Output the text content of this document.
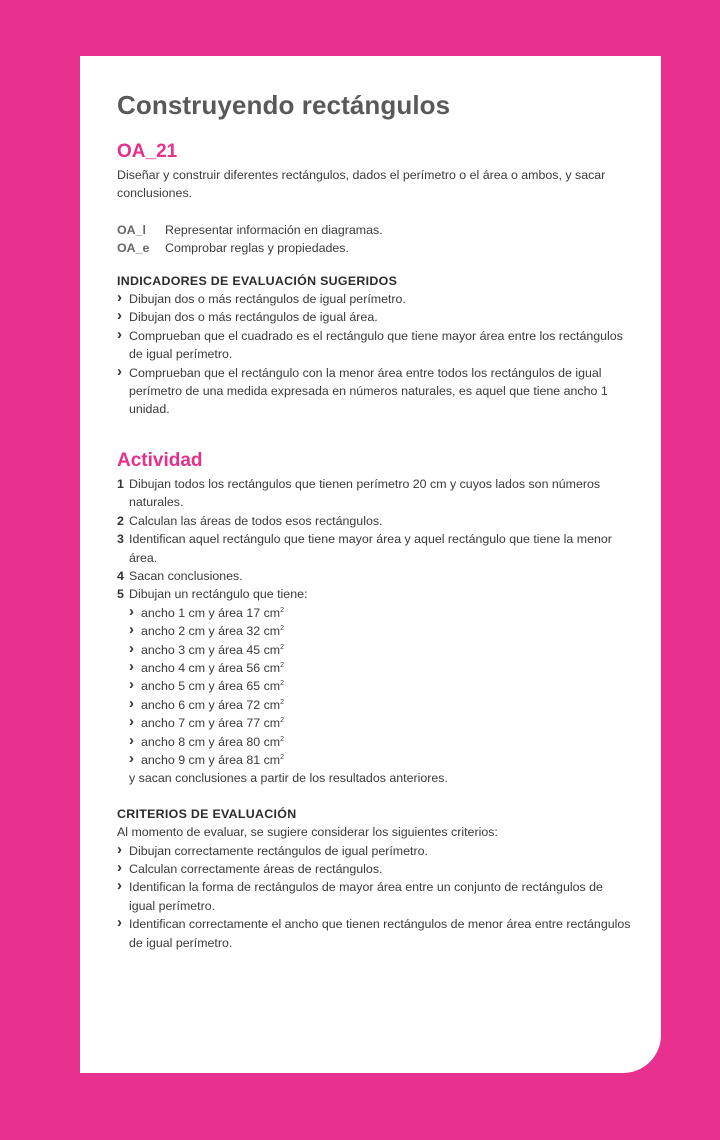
Construyendo rectángulos
OA_21
Diseñar y construir diferentes rectángulos, dados el perímetro o el área o ambos, y sacar conclusiones.
OA_l	Representar información en diagramas.
OA_e	Comprobar reglas y propiedades.
INDICADORES DE EVALUACIÓN SUGERIDOS
› Dibujan dos o más rectángulos de igual perímetro.
› Dibujan dos o más rectángulos de igual área.
› Comprueban que el cuadrado es el rectángulo que tiene mayor área entre los rectángulos de igual perímetro.
› Comprueban que el rectángulo con la menor área entre todos los rectángulos de igual perímetro de una medida expresada en números naturales, es aquel que tiene ancho 1 unidad.
Actividad
1 Dibujan todos los rectángulos que tienen perímetro 20 cm y cuyos lados son números naturales.
2 Calculan las áreas de todos esos rectángulos.
3 Identifican aquel rectángulo que tiene mayor área y aquel rectángulo que tiene la menor área.
4 Sacan conclusiones.
5 Dibujan un rectángulo que tiene:
› ancho 1 cm y área 17 $cm^2$
› ancho 2 cm y área 32 $cm^2$
› ancho 3 cm y área 45 $cm^2$
› ancho 4 cm y área 56 $cm^2$
› ancho 5 cm y área 65 $cm^2$
› ancho 6 cm y área 72 $cm^2$
› ancho 7 cm y área 77 $cm^2$
› ancho 8 cm y área 80 $cm^2$
› ancho 9 cm y área 81 $cm^2$
y sacan conclusiones a partir de los resultados anteriores.
CRITERIOS DE EVALUACIÓN
Al momento de evaluar, se sugiere considerar los siguientes criterios:
› Dibujan correctamente rectángulos de igual perímetro.
› Calculan correctamente áreas de rectángulos.
› Identifican la forma de rectángulos de mayor área entre un conjunto de rectángulos de igual perímetro.
› Identifican correctamente el ancho que tienen rectángulos de menor área entre rectángulos de igual perímetro.
